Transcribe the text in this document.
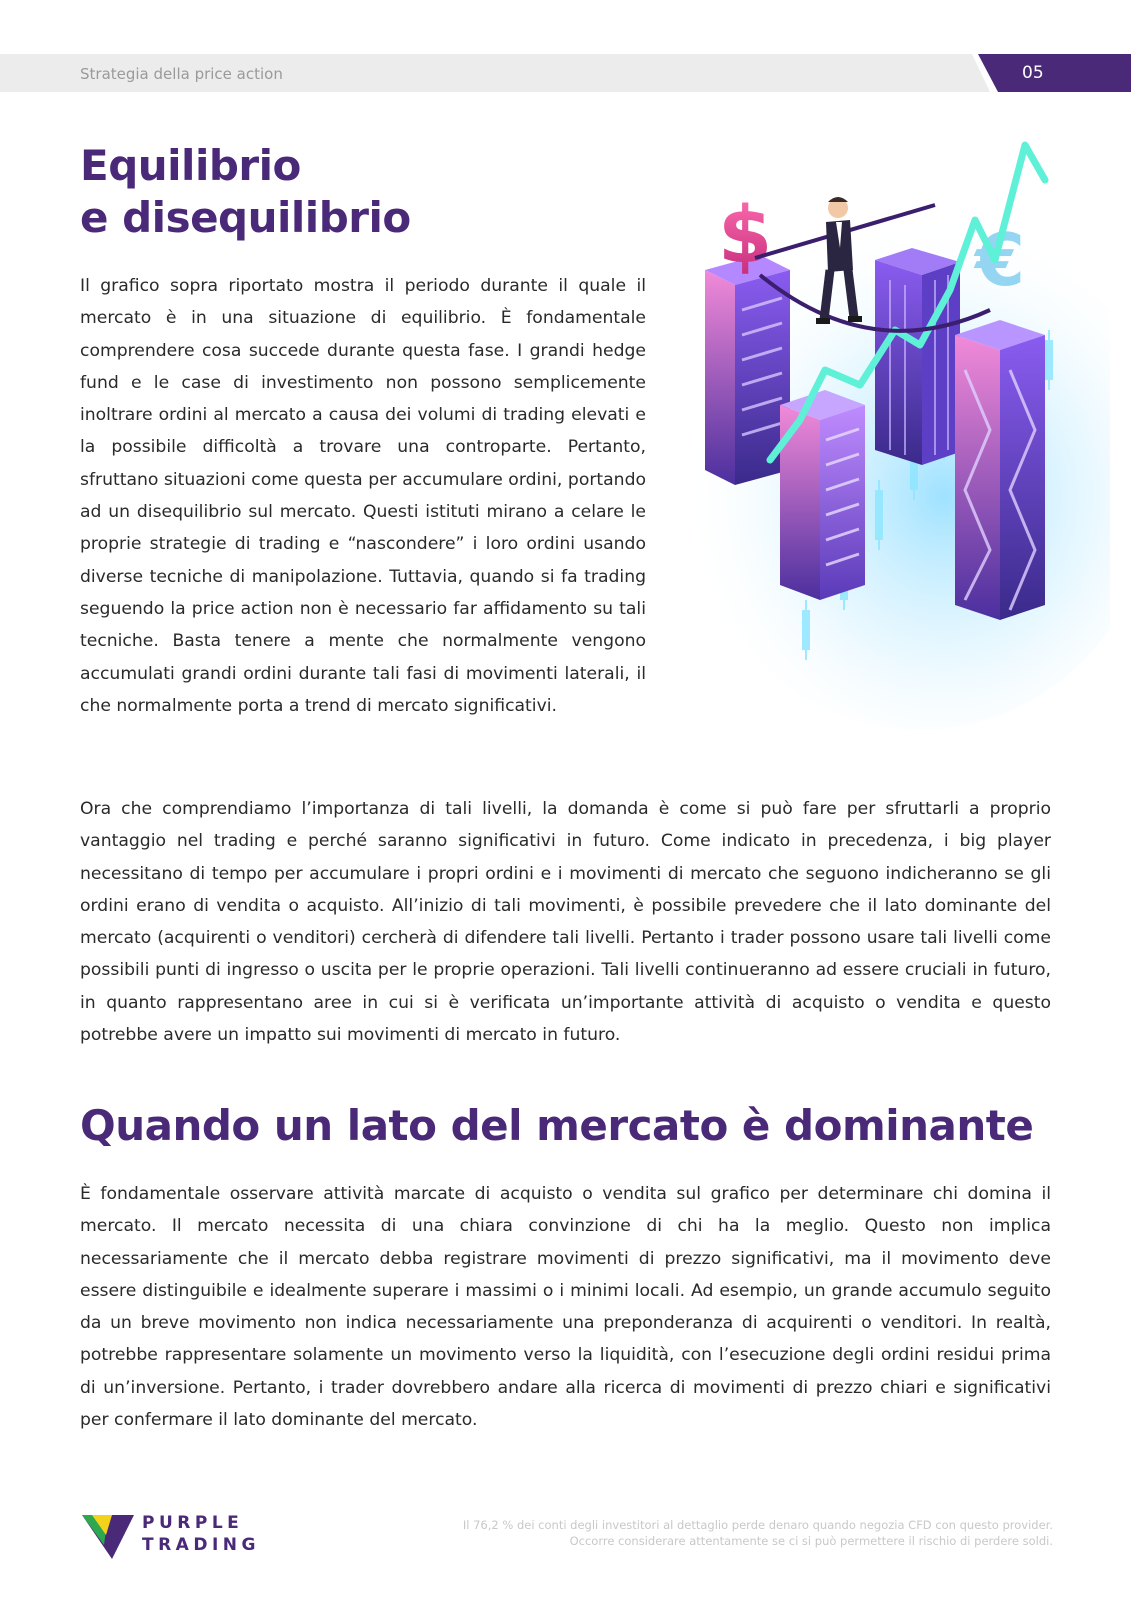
Strategia della price action	05
Equilibrio
e disequilibrio

Il grafico sopra riportato mostra il periodo durante il quale il mercato è in una situazione di equilibrio. È fondamentale comprendere cosa succede durante questa fase. I grandi hedge fund e le case di investimento non possono semplicemente inoltrare ordini al mercato a causa dei volumi di trading elevati e la possibile difficoltà a trovare una controparte. Pertanto, sfruttano situazioni come questa per accumulare ordini, portando ad un disequilibrio sul mercato. Questi istituti mirano a celare le proprie strategie di trading e “nascondere” i loro ordini usando diverse tecniche di manipolazione. Tuttavia, quando si fa trading seguendo la price action non è necessario far affidamento su tali tecniche. Basta tenere a mente che normalmente vengono accumulati grandi ordini durante tali fasi di movimenti laterali, il che normalmente porta a trend di mercato significativi.

$	€

Ora che comprendiamo l’importanza di tali livelli, la domanda è come si può fare per sfruttarli a proprio vantaggio nel trading e perché saranno significativi in futuro. Come indicato in precedenza, i big player necessitano di tempo per accumulare i propri ordini e i movimenti di mercato che seguono indicheranno se gli ordini erano di vendita o acquisto. All’inizio di tali movimenti, è possibile prevedere che il lato dominante del mercato (acquirenti o venditori) cercherà di difendere tali livelli. Pertanto i trader possono usare tali livelli come possibili punti di ingresso o uscita per le proprie operazioni. Tali livelli continueranno ad essere cruciali in futuro, in quanto rappresentano aree in cui si è verificata un’importante attività di acquisto o vendita e questo potrebbe avere un impatto sui movimenti di mercato in futuro.

Quando un lato del mercato è dominante

È fondamentale osservare attività marcate di acquisto o vendita sul grafico per determinare chi domina il mercato. Il mercato necessita di una chiara convinzione di chi ha la meglio. Questo non implica necessariamente che il mercato debba registrare movimenti di prezzo significativi, ma il movimento deve essere distinguibile e idealmente superare i massimi o i minimi locali. Ad esempio, un grande accumulo seguito da un breve movimento non indica necessariamente una preponderanza di acquirenti o venditori. In realtà, potrebbe rappresentare solamente un movimento verso la liquidità, con l’esecuzione degli ordini residui prima di un’inversione. Pertanto, i trader dovrebbero andare alla ricerca di movimenti di prezzo chiari e significativi per confermare il lato dominante del mercato.

PURPLE
TRADING
Il 76,2 % dei conti degli investitori al dettaglio perde denaro quando negozia CFD con questo provider.
Occorre considerare attentamente se ci si può permettere il rischio di perdere soldi.
